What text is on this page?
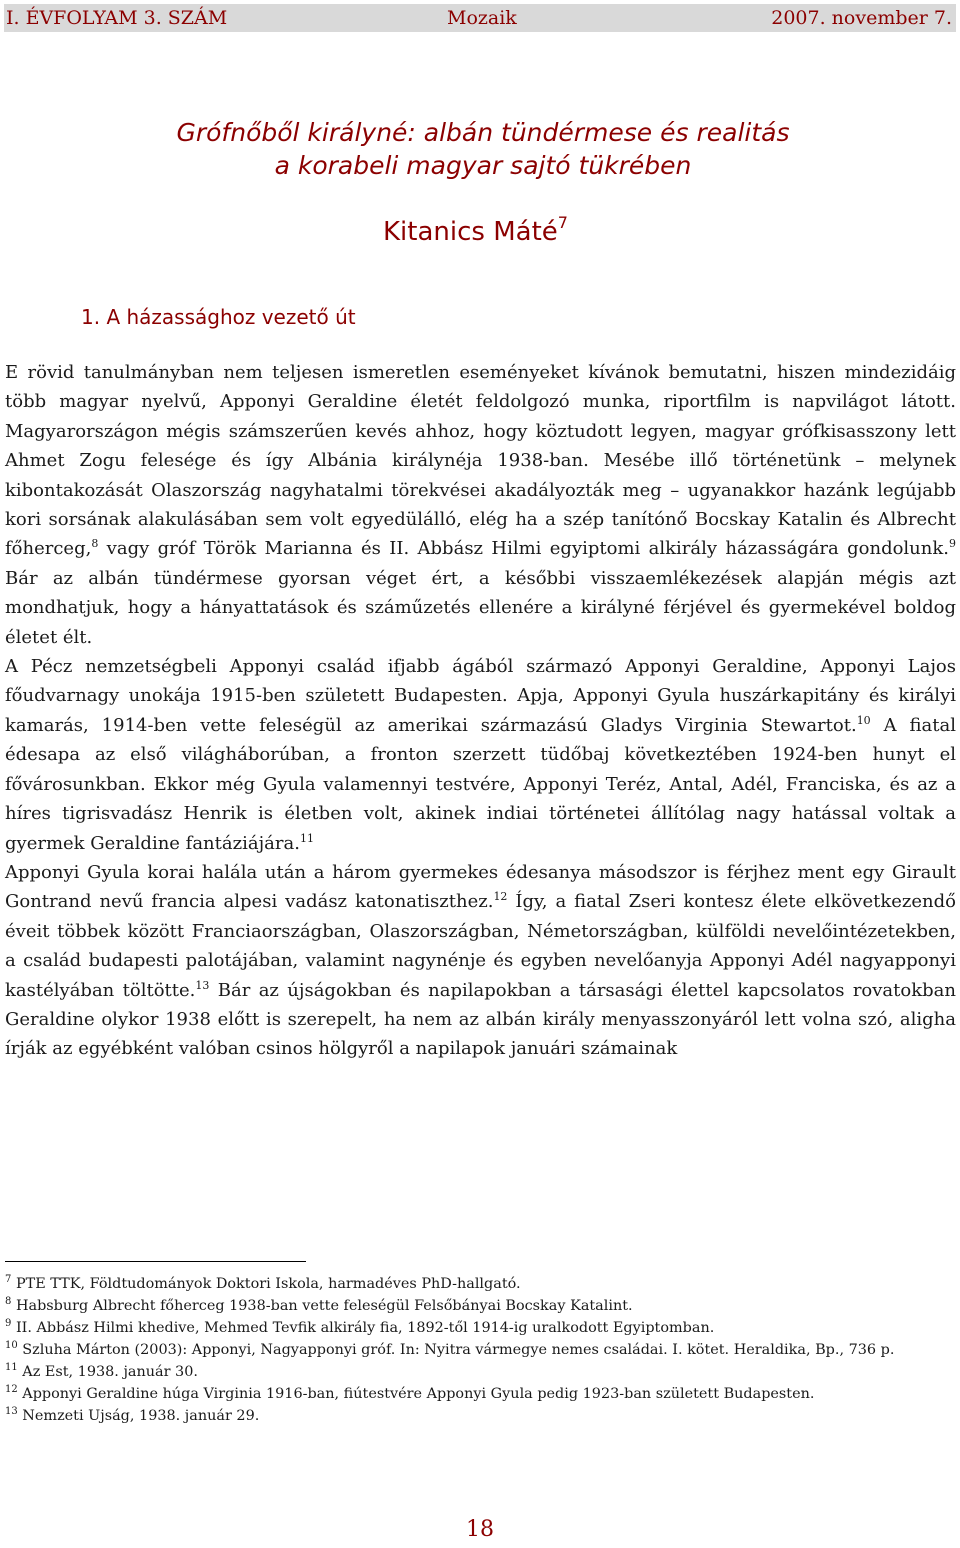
I. ÉVFOLYAM 3. SZÁM	Mozaik	2007. november 7.
Grófnőből királyné: albán tündérmese és realitás
a korabeli magyar sajtó tükrében
Kitanics Máté$^7$
1. A házassághoz vezető út

E rövid tanulmányban nem teljesen ismeretlen eseményeket kívánok bemutatni, hiszen mindezidáig több magyar nyelvű, Apponyi Geraldine életét feldolgozó munka, riportfilm is napvilágot látott. Magyarországon mégis számszerűen kevés ahhoz, hogy köztudott legyen, magyar grófkisasszony lett Ahmet Zogu felesége és így Albánia királynéja 1938-ban. Mesébe illő történetünk – melynek kibontakozását Olaszország nagyhatalmi törekvései akadályozták meg – ugyanakkor hazánk legújabb kori sorsának alakulásában sem volt egyedülálló, elég ha a szép tanítónő Bocskay Katalin és Albrecht főherceg,$^8$ vagy gróf Török Marianna és II. Abbász Hilmi egyiptomi alkirály házasságára gondolunk.$^9$ Bár az albán tündérmese gyorsan véget ért, a későbbi visszaemlékezések alapján mégis azt mondhatjuk, hogy a hányattatások és száműzetés ellenére a királyné férjével és gyermekével boldog életet élt.

A Pécz nemzetségbeli Apponyi család ifjabb ágából származó Apponyi Geraldine, Apponyi Lajos főudvarnagy unokája 1915-ben született Budapesten. Apja, Apponyi Gyula huszárkapitány és királyi kamarás, 1914-ben vette feleségül az amerikai származású Gladys Virginia Stewartot.$^{10}$ A fiatal édesapa az első világháborúban, a fronton szerzett tüdőbaj következtében 1924-ben hunyt el fővárosunkban. Ekkor még Gyula valamennyi testvére, Apponyi Teréz, Antal, Adél, Franciska, és az a híres tigrisvadász Henrik is életben volt, akinek indiai történetei állítólag nagy hatással voltak a gyermek Geraldine fantáziájára.$^{11}$

Apponyi Gyula korai halála után a három gyermekes édesanya másodszor is férjhez ment egy Girault Gontrand nevű francia alpesi vadász katonatiszthez.$^{12}$ Így, a fiatal Zseri kontesz élete elkövetkezendő éveit többek között Franciaországban, Olaszországban, Németországban, külföldi nevelőintézetekben, a család budapesti palotájában, valamint nagynénje és egyben nevelőanyja Apponyi Adél nagyapponyi kastélyában töltötte.$^{13}$ Bár az újságokban és napilapokban a társasági élettel kapcsolatos rovatokban Geraldine olykor 1938 előtt is szerepelt, ha nem az albán király menyasszonyáról lett volna szó, aligha írják az egyébként valóban csinos hölgyről a napilapok januári számainak

$^7$ PTE TTK, Földtudományok Doktori Iskola, harmadéves PhD-hallgató.

$^8$ Habsburg Albrecht főherceg 1938-ban vette feleségül Felsőbányai Bocskay Katalint.

$^9$ II. Abbász Hilmi khedive, Mehmed Tevfik alkirály fia, 1892-től 1914-ig uralkodott Egyiptomban.

$^{10}$ Szluha Márton (2003): Apponyi, Nagyapponyi gróf. In: Nyitra vármegye nemes családai. I. kötet. Heraldika, Bp., 736 p.

$^{11}$ Az Est, 1938. január 30.

$^{12}$ Apponyi Geraldine húga Virginia 1916-ban, fiútestvére Apponyi Gyula pedig 1923-ban született Budapesten.

$^{13}$ Nemzeti Ujság, 1938. január 29.

18
